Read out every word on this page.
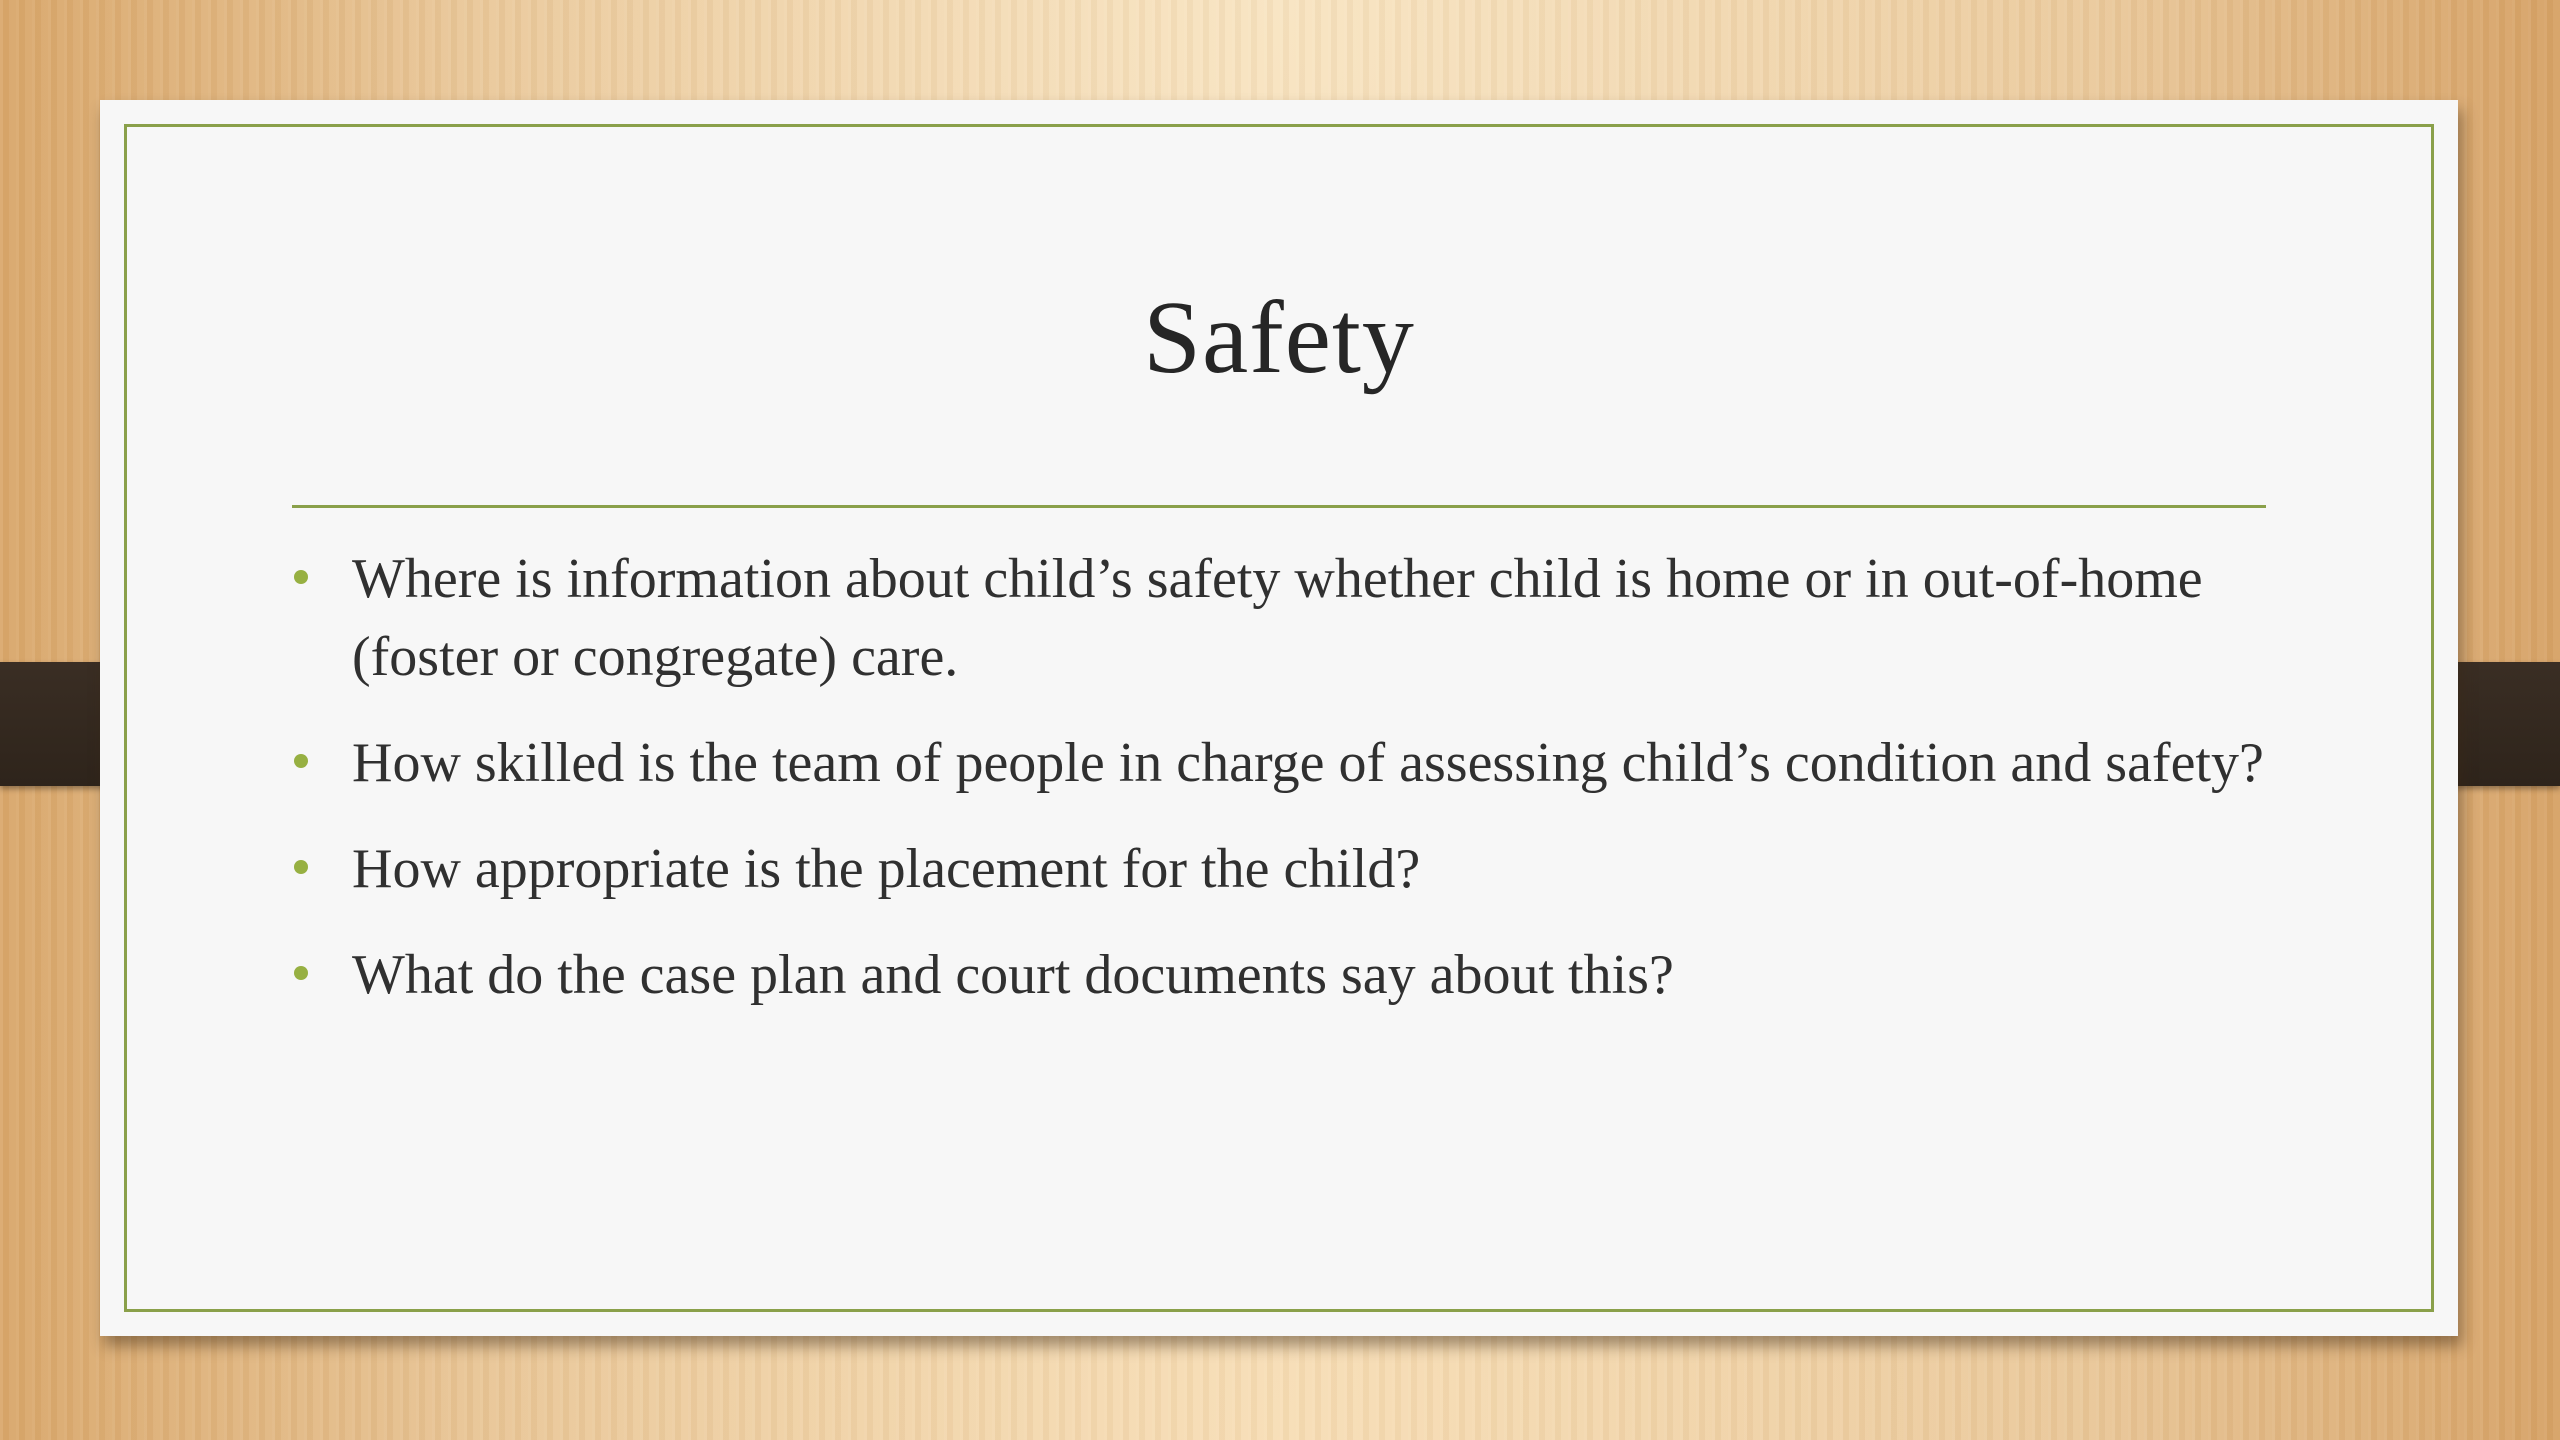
Safety
Where is information about child’s safety whether child is home or in out-of-home (foster or congregate) care.
How skilled is the team of people in charge of assessing child’s condition and safety?
How appropriate is the placement for the child?
What do the case plan and court documents say about this?
